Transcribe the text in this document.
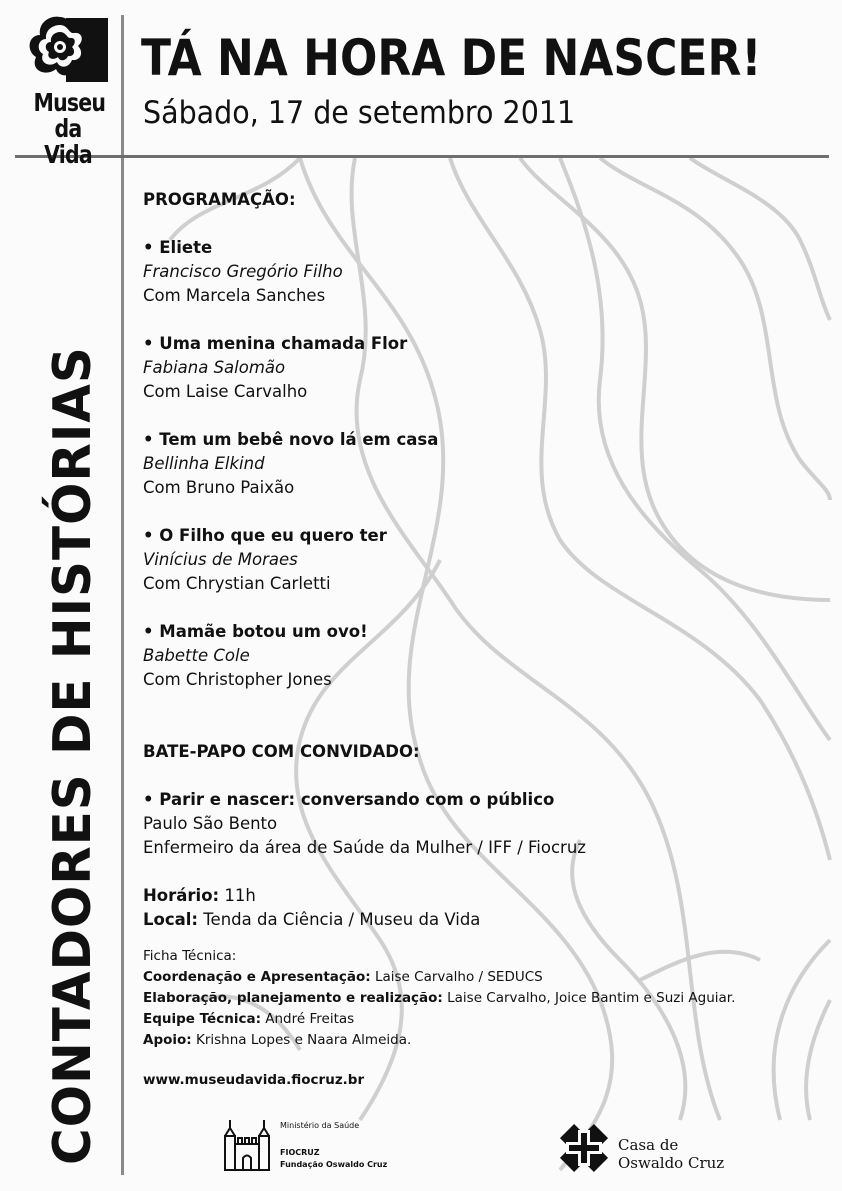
Museu
da Vida
TÁ NA HORA DE NASCER!
Sábado, 17 de setembro 2011
CONTADORES DE HISTÓRIAS
PROGRAMAÇÃO:
• Eliete
Francisco Gregório Filho
Com Marcela Sanches
• Uma menina chamada Flor
Fabiana Salomão
Com Laise Carvalho
• Tem um bebê novo lá em casa
Bellinha Elkind
Com Bruno Paixão
• O Filho que eu quero ter
Vinícius de Moraes
Com Chrystian Carletti
• Mamãe botou um ovo!
Babette Cole
Com Christopher Jones
BATE-PAPO COM CONVIDADO:
• Parir e nascer: conversando com o público
Paulo São Bento
Enfermeiro da área de Saúde da Mulher / IFF / Fiocruz
Horário: 11h
Local: Tenda da Ciência / Museu da Vida
Ficha Técnica:
Coordenação e Apresentação: Laise Carvalho / SEDUCS
Elaboração, planejamento e realização: Laise Carvalho, Joice Bantim e Suzi Aguiar.
Equipe Técnica: André Freitas
Apoio: Krishna Lopes e Naara Almeida.
www.museudavida.fiocruz.br
Ministério da Saúde
FIOCRUZ
Fundação Oswaldo Cruz
Casa de
Oswaldo Cruz
